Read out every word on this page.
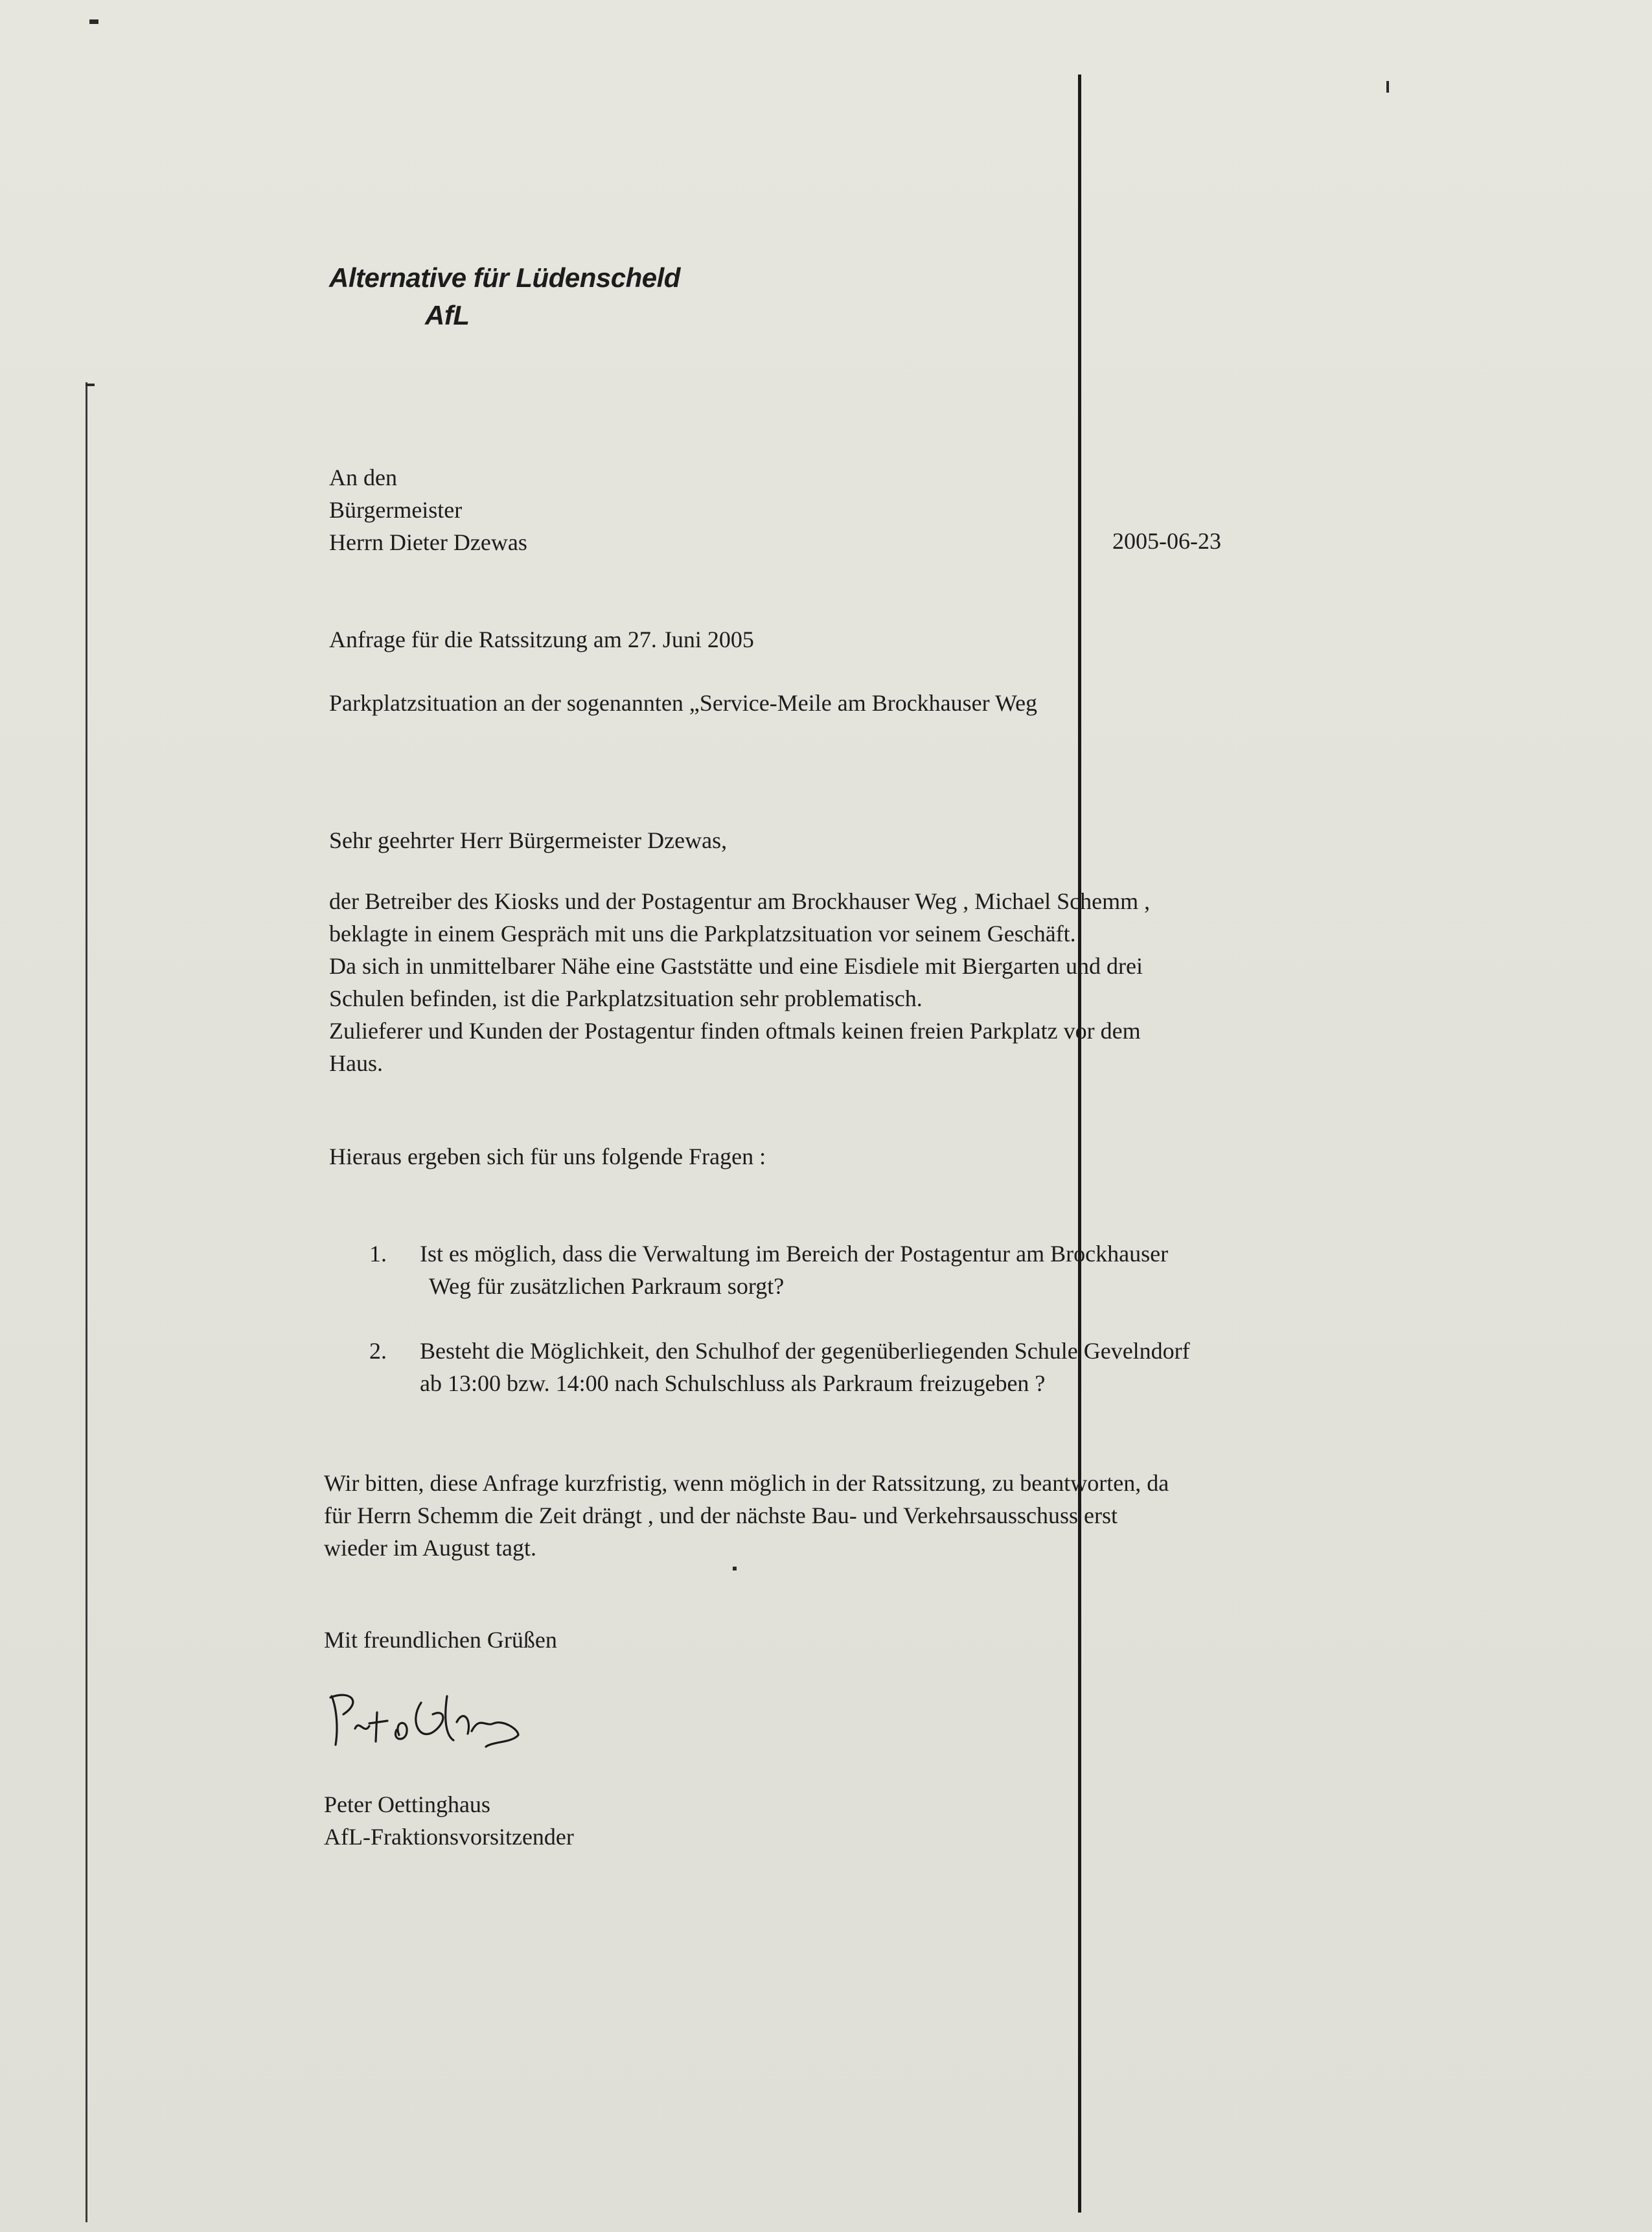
Alternative für Lüdenscheld
AfL
An den
Bürgermeister
Herrn Dieter Dzewas	2005-06-23
Anfrage für die Ratssitzung am 27. Juni 2005
Parkplatzsituation an der sogenannten „Service-Meile am Brockhauser Weg
Sehr geehrter Herr Bürgermeister Dzewas,
der Betreiber des Kiosks und der Postagentur am Brockhauser Weg , Michael Schemm ,
beklagte in einem Gespräch mit uns die Parkplatzsituation vor seinem Geschäft.
Da sich in unmittelbarer Nähe eine Gaststätte und eine Eisdiele mit Biergarten und drei
Schulen befinden, ist die Parkplatzsituation sehr problematisch.
Zulieferer und Kunden der Postagentur finden oftmals keinen freien Parkplatz vor dem
Haus.
Hieraus ergeben sich für uns folgende Fragen :
1. Ist es möglich, dass die Verwaltung im Bereich der Postagentur am Brockhauser
Weg für zusätzlichen Parkraum sorgt?
2. Besteht die Möglichkeit, den Schulhof der gegenüberliegenden Schule Gevelndorf
ab 13:00 bzw. 14:00 nach Schulschluss als Parkraum freizugeben ?
Wir bitten, diese Anfrage kurzfristig, wenn möglich in der Ratssitzung, zu beantworten, da
für Herrn Schemm die Zeit drängt , und der nächste Bau- und Verkehrsausschuss erst
wieder im August tagt.
Mit freundlichen Grüßen
Peter Oettinghaus
AfL-Fraktionsvorsitzender
